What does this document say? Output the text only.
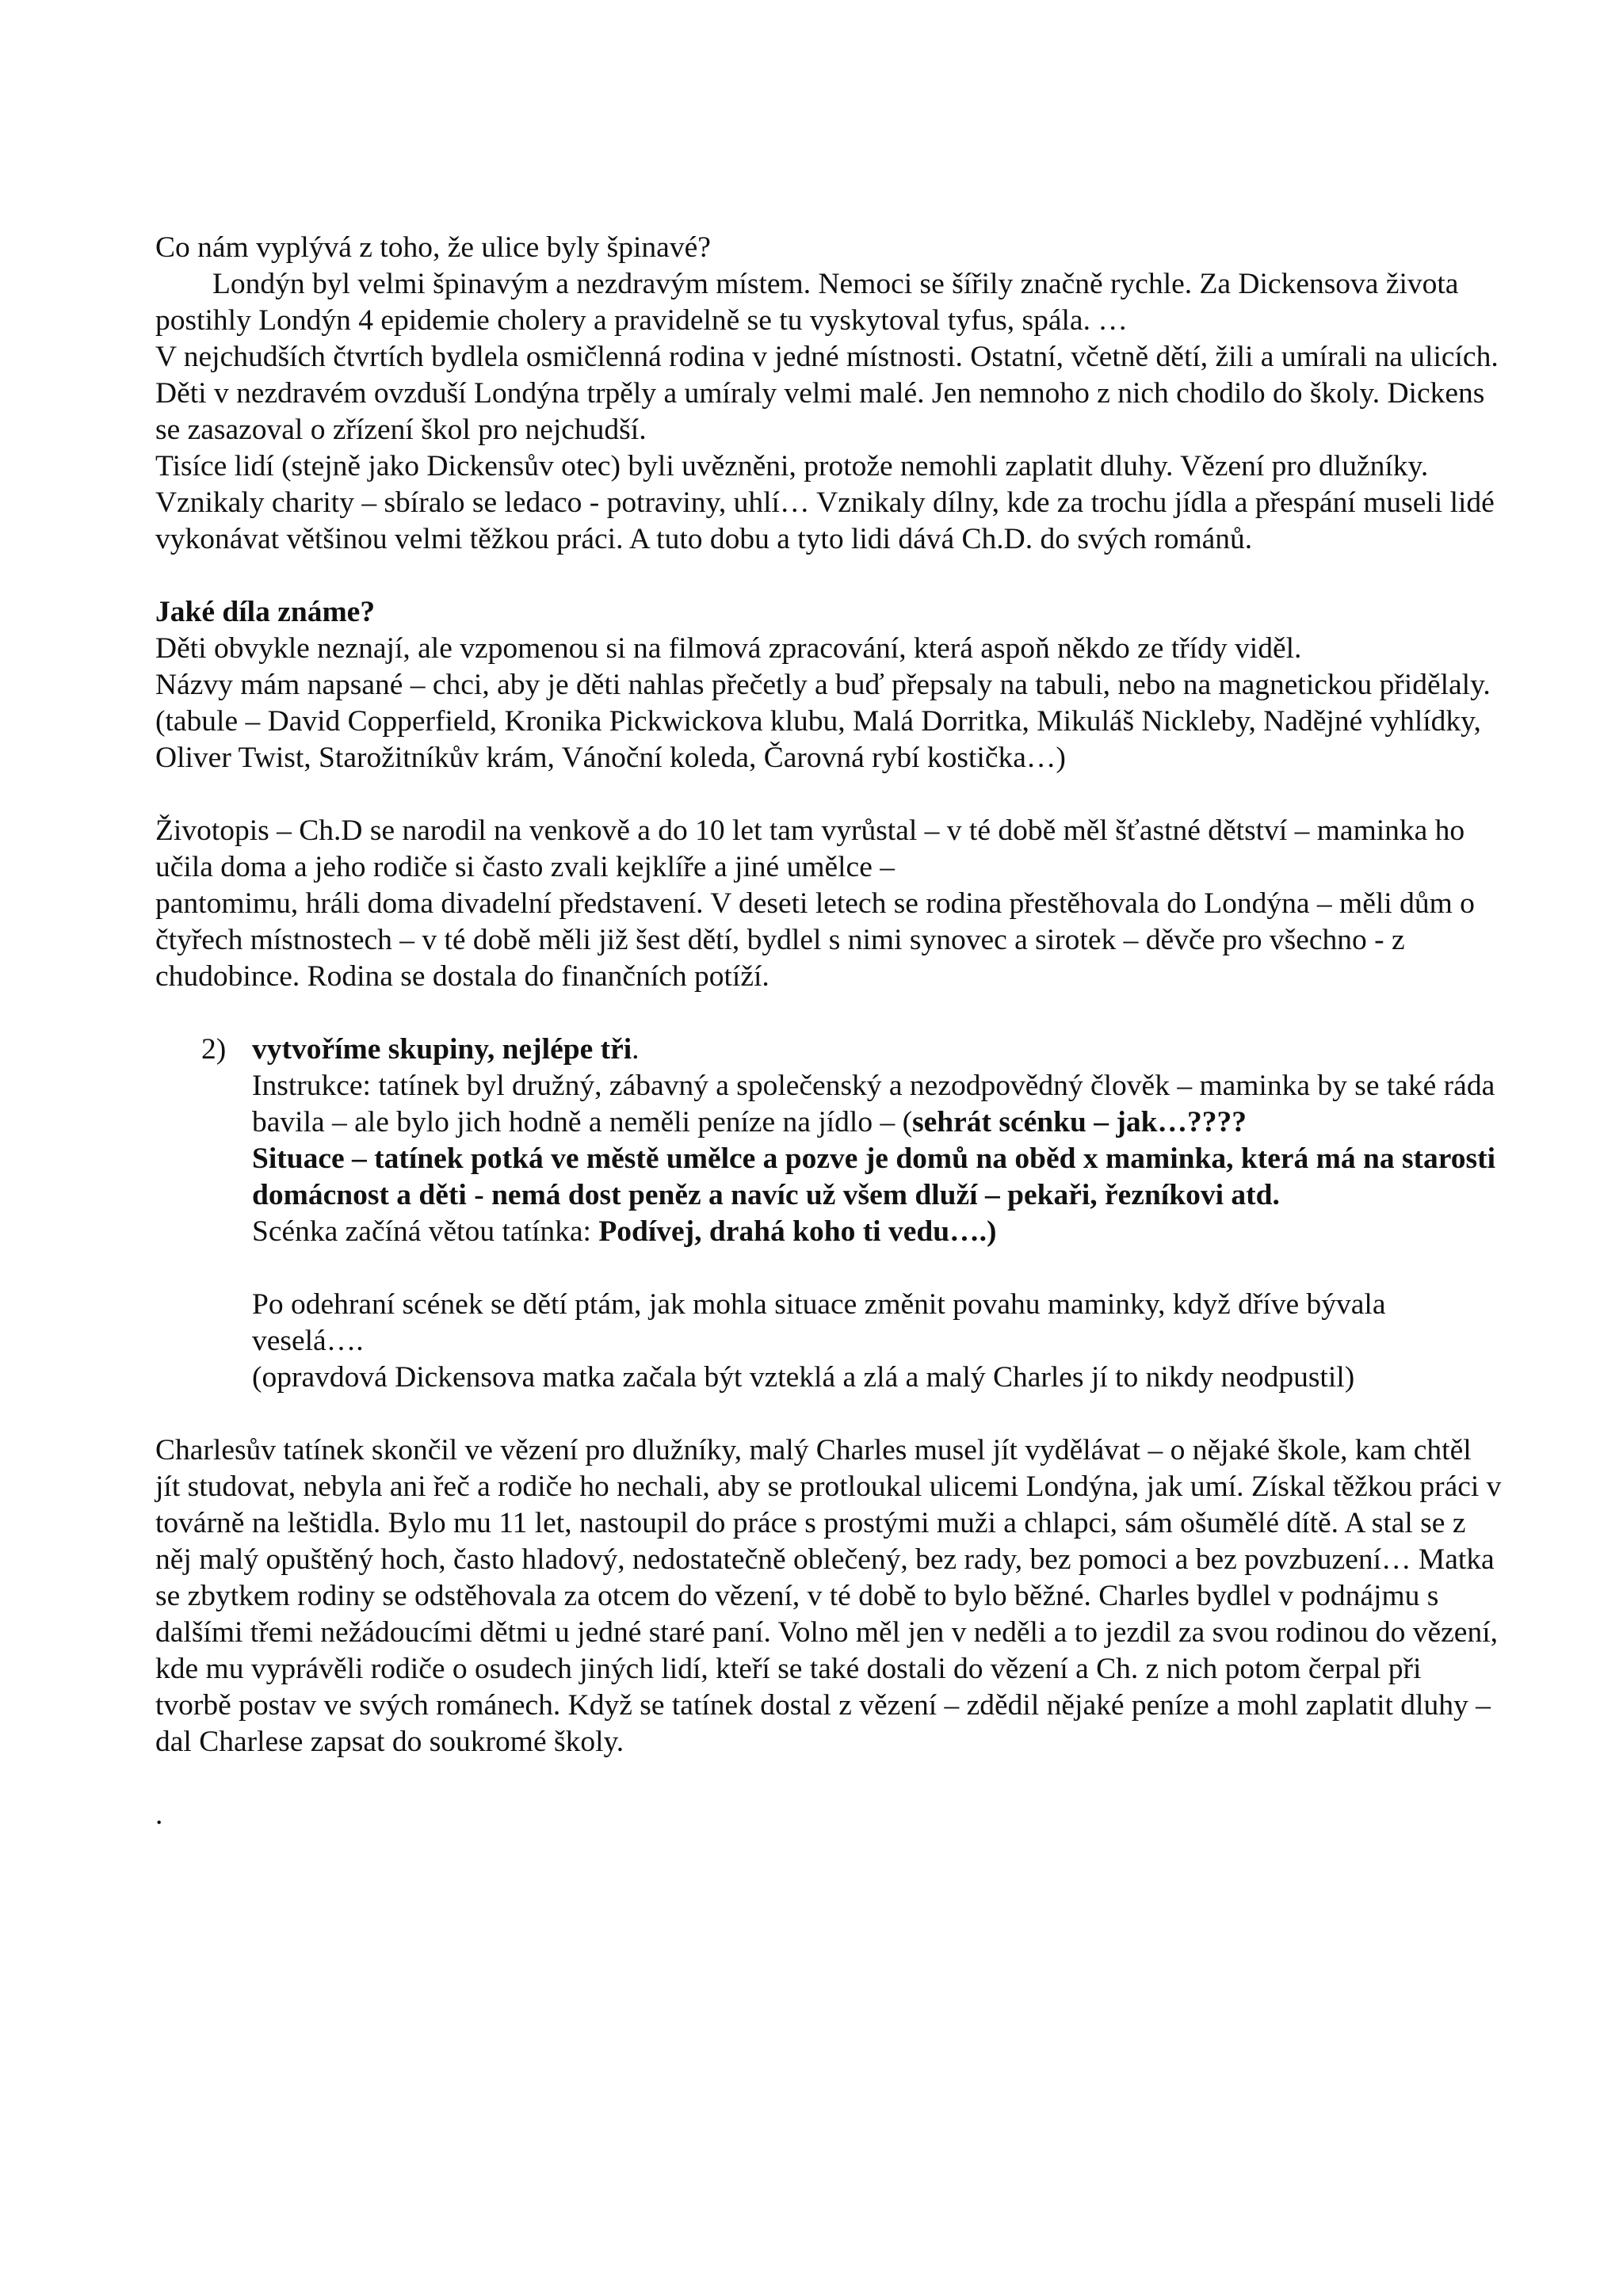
Co nám vyplývá z toho, že ulice byly špinavé?

Londýn byl velmi špinavým a nezdravým místem. Nemoci se šířily značně rychle. Za Dickensova života postihly Londýn 4 epidemie cholery a pravidelně se tu vyskytoval tyfus, spála. …

V nejchudších čtvrtích bydlela osmičlenná rodina v jedné místnosti. Ostatní, včetně dětí, žili a umírali na ulicích. Děti v nezdravém ovzduší Londýna trpěly a umíraly velmi malé. Jen nemnoho z nich chodilo do školy. Dickens se zasazoval o zřízení škol pro nejchudší.

Tisíce lidí (stejně jako Dickensův otec) byli uvězněni, protože nemohli zaplatit dluhy. Vězení pro dlužníky. Vznikaly charity – sbíralo se ledaco - potraviny, uhlí… Vznikaly dílny, kde za trochu jídla a přespání museli lidé vykonávat většinou velmi těžkou práci. A tuto dobu a tyto lidi dává Ch.D. do svých románů.

Jaké díla známe?

Děti obvykle neznají, ale vzpomenou si na filmová zpracování, která aspoň někdo ze třídy viděl.

Názvy mám napsané – chci, aby je děti nahlas přečetly a buď přepsaly na tabuli, nebo na magnetickou přidělaly.

(tabule – David Copperfield, Kronika Pickwickova klubu, Malá Dorritka, Mikuláš Nickleby, Nadějné vyhlídky, Oliver Twist, Starožitníkův krám, Vánoční koleda, Čarovná rybí kostička…)

Životopis – Ch.D se narodil na venkově a do 10 let tam vyrůstal – v té době měl šťastné dětství – maminka ho učila doma a jeho rodiče si často zvali kejklíře a jiné umělce –

pantomimu, hráli doma divadelní představení. V deseti letech se rodina přestěhovala do Londýna – měli dům o čtyřech místnostech – v té době měli již šest dětí, bydlel s nimi synovec a sirotek – děvče pro všechno - z chudobince. Rodina se dostala do finančních potíží.

2) vytvoříme skupiny, nejlépe tři.

Instrukce: tatínek byl družný, zábavný a společenský a nezodpovědný člověk – maminka by se také ráda bavila – ale bylo jich hodně a neměli peníze na jídlo – (sehrát scénku – jak…????

Situace – tatínek potká ve městě umělce a pozve je domů na oběd x maminka, která má na starosti domácnost a děti - nemá dost peněz a navíc už všem dluží – pekaři, řezníkovi atd.

Scénka začíná větou tatínka: Podívej, drahá koho ti vedu….)

Po odehraní scének se dětí ptám, jak mohla situace změnit povahu maminky, když dříve bývala veselá….

(opravdová Dickensova matka začala být vzteklá a zlá a malý Charles jí to nikdy neodpustil)

Charlesův tatínek skončil ve vězení pro dlužníky, malý Charles musel jít vydělávat – o nějaké škole, kam chtěl jít studovat, nebyla ani řeč a rodiče ho nechali, aby se protloukal ulicemi Londýna, jak umí. Získal těžkou práci v továrně na leštidla. Bylo mu 11 let, nastoupil do práce s prostými muži a chlapci, sám ošumělé dítě. A stal se z něj malý opuštěný hoch, často hladový, nedostatečně oblečený, bez rady, bez pomoci a bez povzbuzení… Matka se zbytkem rodiny se odstěhovala za otcem do vězení, v té době to bylo běžné. Charles bydlel v podnájmu s dalšími třemi nežádoucími dětmi u jedné staré paní. Volno měl jen v neděli a to jezdil za svou rodinou do vězení, kde mu vyprávěli rodiče o osudech jiných lidí, kteří se také dostali do vězení a Ch. z nich potom čerpal při tvorbě postav ve svých románech. Když se tatínek dostal z vězení – zdědil nějaké peníze a mohl zaplatit dluhy – dal Charlese zapsat do soukromé školy.

.
